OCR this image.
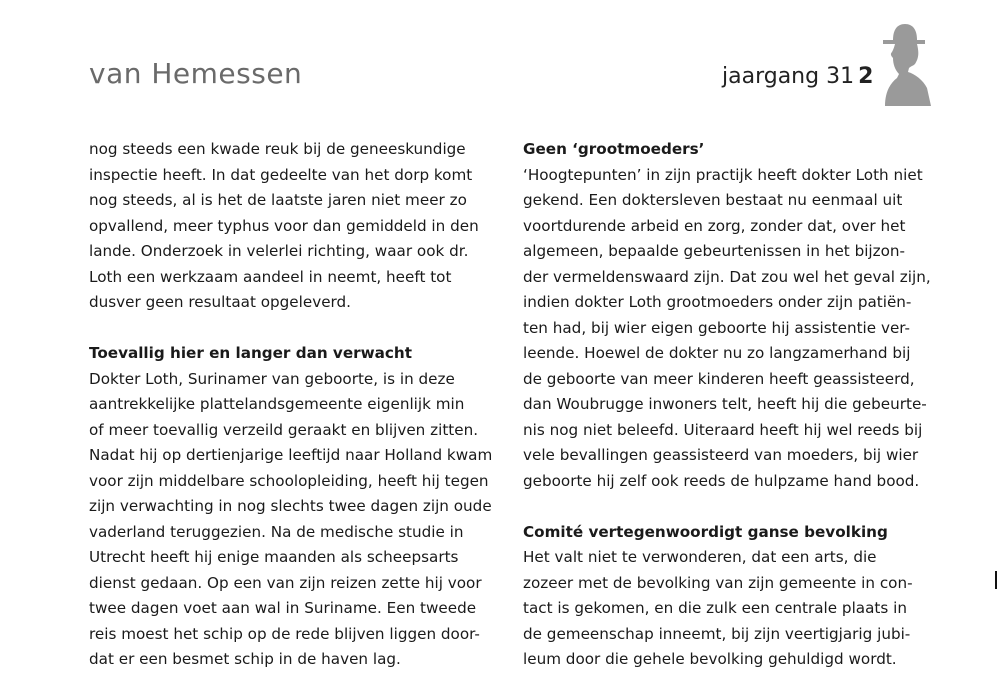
van Hemessen	jaargang 31 2
nog steeds een kwade reuk bij de geneeskundige
inspectie heeft. In dat gedeelte van het dorp komt
nog steeds, al is het de laatste jaren niet meer zo
opvallend, meer typhus voor dan gemiddeld in den
lande. Onderzoek in velerlei richting, waar ook dr.
Loth een werkzaam aandeel in neemt, heeft tot
dusver geen resultaat opgeleverd.
Toevallig hier en langer dan verwacht
Dokter Loth, Surinamer van geboorte, is in deze
aantrekkelijke plattelandsgemeente eigenlijk min
of meer toevallig verzeild geraakt en blijven zitten.
Nadat hij op dertienjarige leeftijd naar Holland kwam
voor zijn middelbare schoolopleiding, heeft hij tegen
zijn verwachting in nog slechts twee dagen zijn oude
vaderland teruggezien. Na de medische studie in
Utrecht heeft hij enige maanden als scheepsarts
dienst gedaan. Op een van zijn reizen zette hij voor
twee dagen voet aan wal in Suriname. Een tweede
reis moest het schip op de rede blijven liggen door-
dat er een besmet schip in de haven lag.
Geen ‘grootmoeders’
‘Hoogtepunten’ in zijn practijk heeft dokter Loth niet
gekend. Een doktersleven bestaat nu eenmaal uit
voortdurende arbeid en zorg, zonder dat, over het
algemeen, bepaalde gebeurtenissen in het bijzon-
der vermeldenswaard zijn. Dat zou wel het geval zijn,
indien dokter Loth grootmoeders onder zijn patiën-
ten had, bij wier eigen geboorte hij assistentie ver-
leende. Hoewel de dokter nu zo langzamerhand bij
de geboorte van meer kinderen heeft geassisteerd,
dan Woubrugge inwoners telt, heeft hij die gebeurte-
nis nog niet beleefd. Uiteraard heeft hij wel reeds bij
vele bevallingen geassisteerd van moeders, bij wier
geboorte hij zelf ook reeds de hulpzame hand bood.
Comité vertegenwoordigt ganse bevolking
Het valt niet te verwonderen, dat een arts, die
zozeer met de bevolking van zijn gemeente in con-
tact is gekomen, en die zulk een centrale plaats in
de gemeenschap inneemt, bij zijn veertigjarig jubi-
leum door die gehele bevolking gehuldigd wordt.
